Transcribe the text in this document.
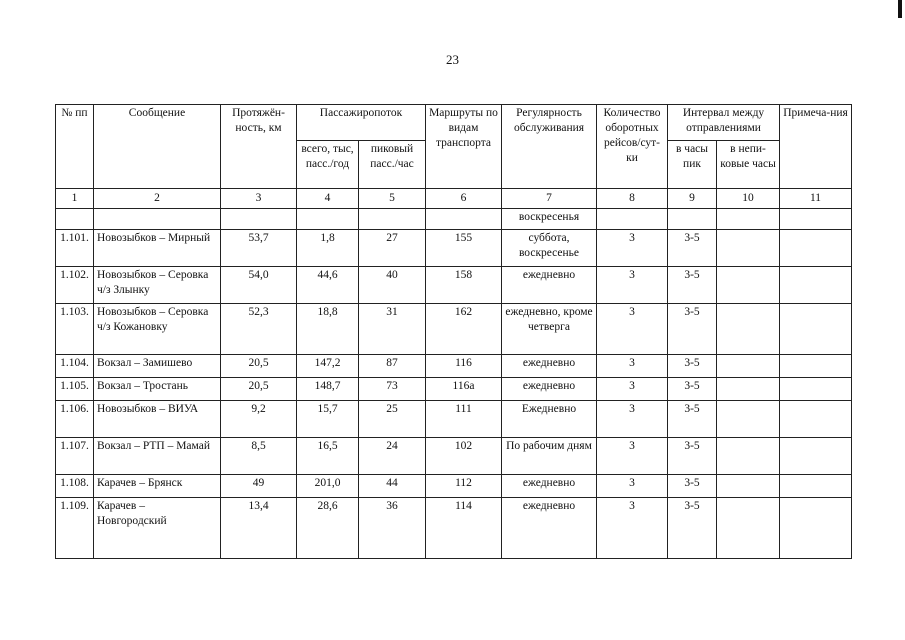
23
№ пп	Сообщение	Протяжён-ность, км	Пассажиропоток		Маршруты по видам транспорта	Регулярность обслуживания	Количество оборотных рейсов/сут-ки	Интервал между отправлениями		Примеча-ния
			всего, тыс, пасс./год	пиковый пасс./час				в часы пик	в непи-ковые часы	
1	2	3	4	5	6	7	8	9	10	11
						воскресенья				
1.101.	Новозыбков – Мирный	53,7	1,8	27	155	суббота, воскресенье	3	3-5		
1.102.	Новозыбков – Серовка ч/з Злынку	54,0	44,6	40	158	ежедневно	3	3-5		
1.103.	Новозыбков – Серовка ч/з Кожановку	52,3	18,8	31	162	ежедневно, кроме четверга	3	3-5		
1.104.	Вокзал – Замишево	20,5	147,2	87	116	ежедневно	3	3-5		
1.105.	Вокзал – Тростань	20,5	148,7	73	116а	ежедневно	3	3-5		
1.106.	Новозыбков – ВИУА	9,2	15,7	25	111	Ежедневно	3	3-5		
1.107.	Вокзал – РТП – Мамай	8,5	16,5	24	102	По рабочим дням	3	3-5		
1.108.	Карачев – Брянск	49	201,0	44	112	ежедневно	3	3-5		
1.109.	Карачев – Новгородский	13,4	28,6	36	114	ежедневно	3	3-5		
